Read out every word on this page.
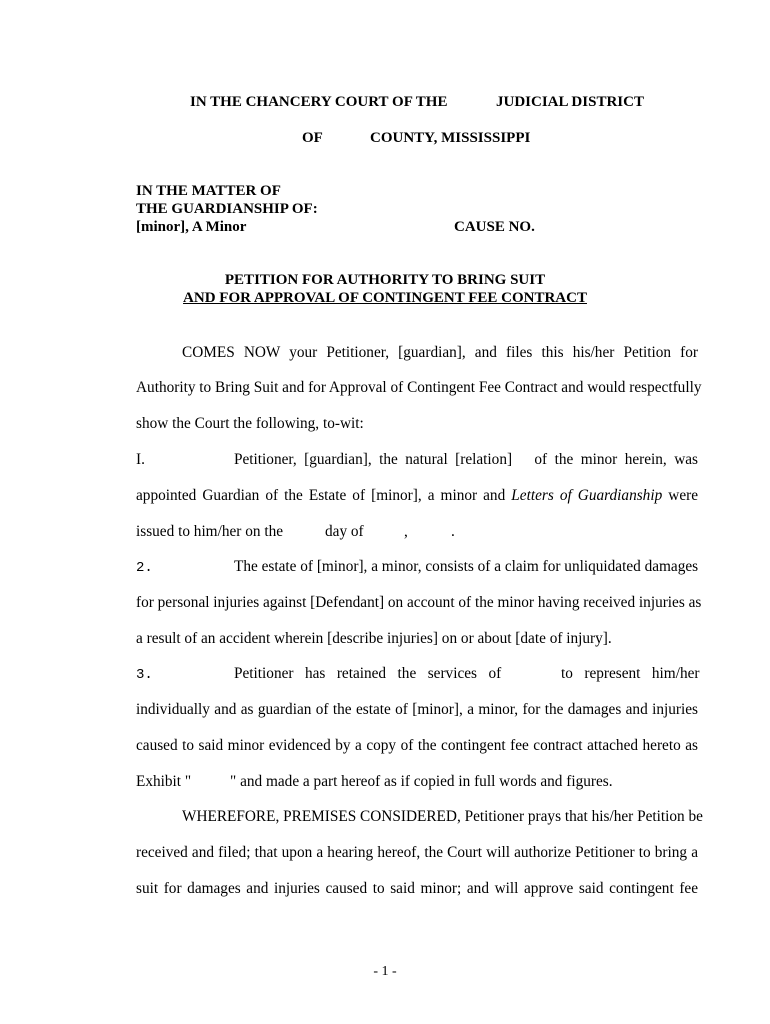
IN THE CHANCERY COURT OF THE	JUDICIAL DISTRICT
OF	COUNTY, MISSISSIPPI
IN THE MATTER OF
THE GUARDIANSHIP OF:
[minor], A Minor	CAUSE NO.
PETITION FOR AUTHORITY TO BRING SUIT
AND FOR APPROVAL OF CONTINGENT FEE CONTRACT
COMES NOW your Petitioner, [guardian], and files this his/her Petition for
Authority to Bring Suit and for Approval of Contingent Fee Contract and would respectfully
show the Court the following, to-wit:
I.	Petitioner, [guardian], the natural [relation]   of the minor herein, was
appointed Guardian of the Estate of [minor], a minor and Letters of Guardianship were
issued to him/her on the	day of	,	.
2.	The estate of [minor], a minor, consists of a claim for unliquidated damages
for personal injuries against [Defendant] on account of the minor having received injuries as
a result of an accident wherein [describe injuries] on or about [date of injury].
3.	Petitioner   has   retained   the   services   of	to   represent   him/her
individually and as guardian of the estate of [minor], a minor, for the damages and injuries
caused to said minor evidenced by a copy of the contingent fee contract attached hereto as
Exhibit "	" and made a part hereof as if copied in full words and figures.
WHEREFORE, PREMISES CONSIDERED, Petitioner prays that his/her Petition be
received and filed; that upon a hearing hereof, the Court will authorize Petitioner to bring a
suit for damages and injuries caused to said minor; and will approve said contingent fee
- 1 -
